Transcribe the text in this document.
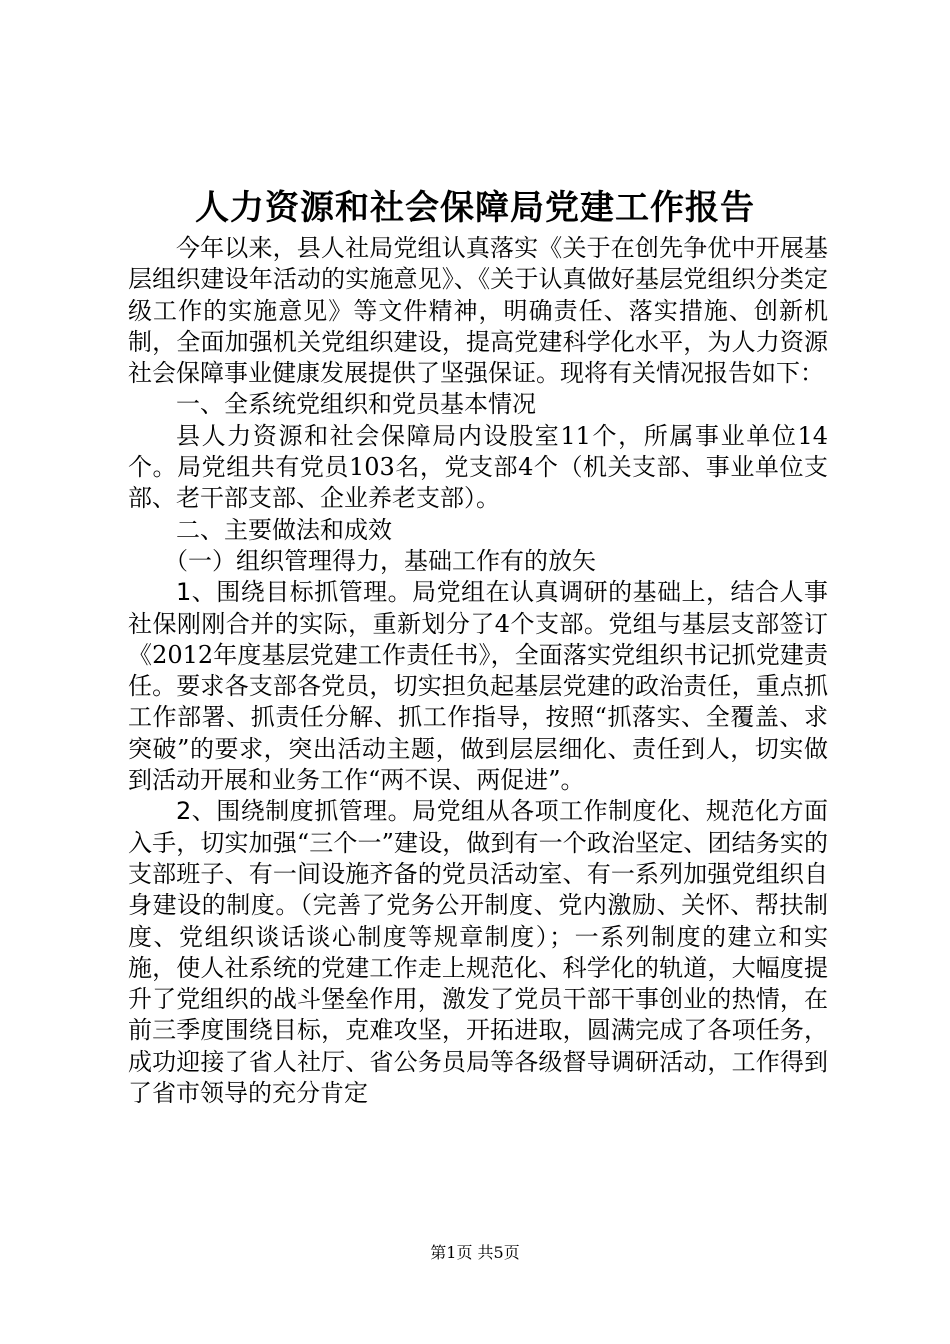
人力资源和社会保障局党建工作报告

今年以来，县人社局党组认真落实《关于在创先争优中开展基层组织建设年活动的实施意见》、《关于认真做好基层党组织分类定级工作的实施意见》等文件精神，明确责任、落实措施、创新机制，全面加强机关党组织建设，提高党建科学化水平，为人力资源社会保障事业健康发展提供了坚强保证。现将有关情况报告如下：

一、全系统党组织和党员基本情况

县人力资源和社会保障局内设股室11个，所属事业单位14个。局党组共有党员103名，党支部4个（机关支部、事业单位支部、老干部支部、企业养老支部）。

二、主要做法和成效

（一）组织管理得力，基础工作有的放矢

1、围绕目标抓管理。局党组在认真调研的基础上，结合人事社保刚刚合并的实际，重新划分了4个支部。党组与基层支部签订《2012年度基层党建工作责任书》，全面落实党组织书记抓党建责任。要求各支部各党员，切实担负起基层党建的政治责任，重点抓工作部署、抓责任分解、抓工作指导，按照“抓落实、全覆盖、求突破”的要求，突出活动主题，做到层层细化、责任到人，切实做到活动开展和业务工作“两不误、两促进”。

2、围绕制度抓管理。局党组从各项工作制度化、规范化方面入手，切实加强“三个一”建设，做到有一个政治坚定、团结务实的支部班子、有一间设施齐备的党员活动室、有一系列加强党组织自身建设的制度。（完善了党务公开制度、党内激励、关怀、帮扶制度、党组织谈话谈心制度等规章制度）；一系列制度的建立和实施，使人社系统的党建工作走上规范化、科学化的轨道，大幅度提升了党组织的战斗堡垒作用，激发了党员干部干事创业的热情，在前三季度围绕目标，克难攻坚，开拓进取，圆满完成了各项任务，成功迎接了省人社厅、省公务员局等各级督导调研活动，工作得到了省市领导的充分肯定

第1页 共5页
